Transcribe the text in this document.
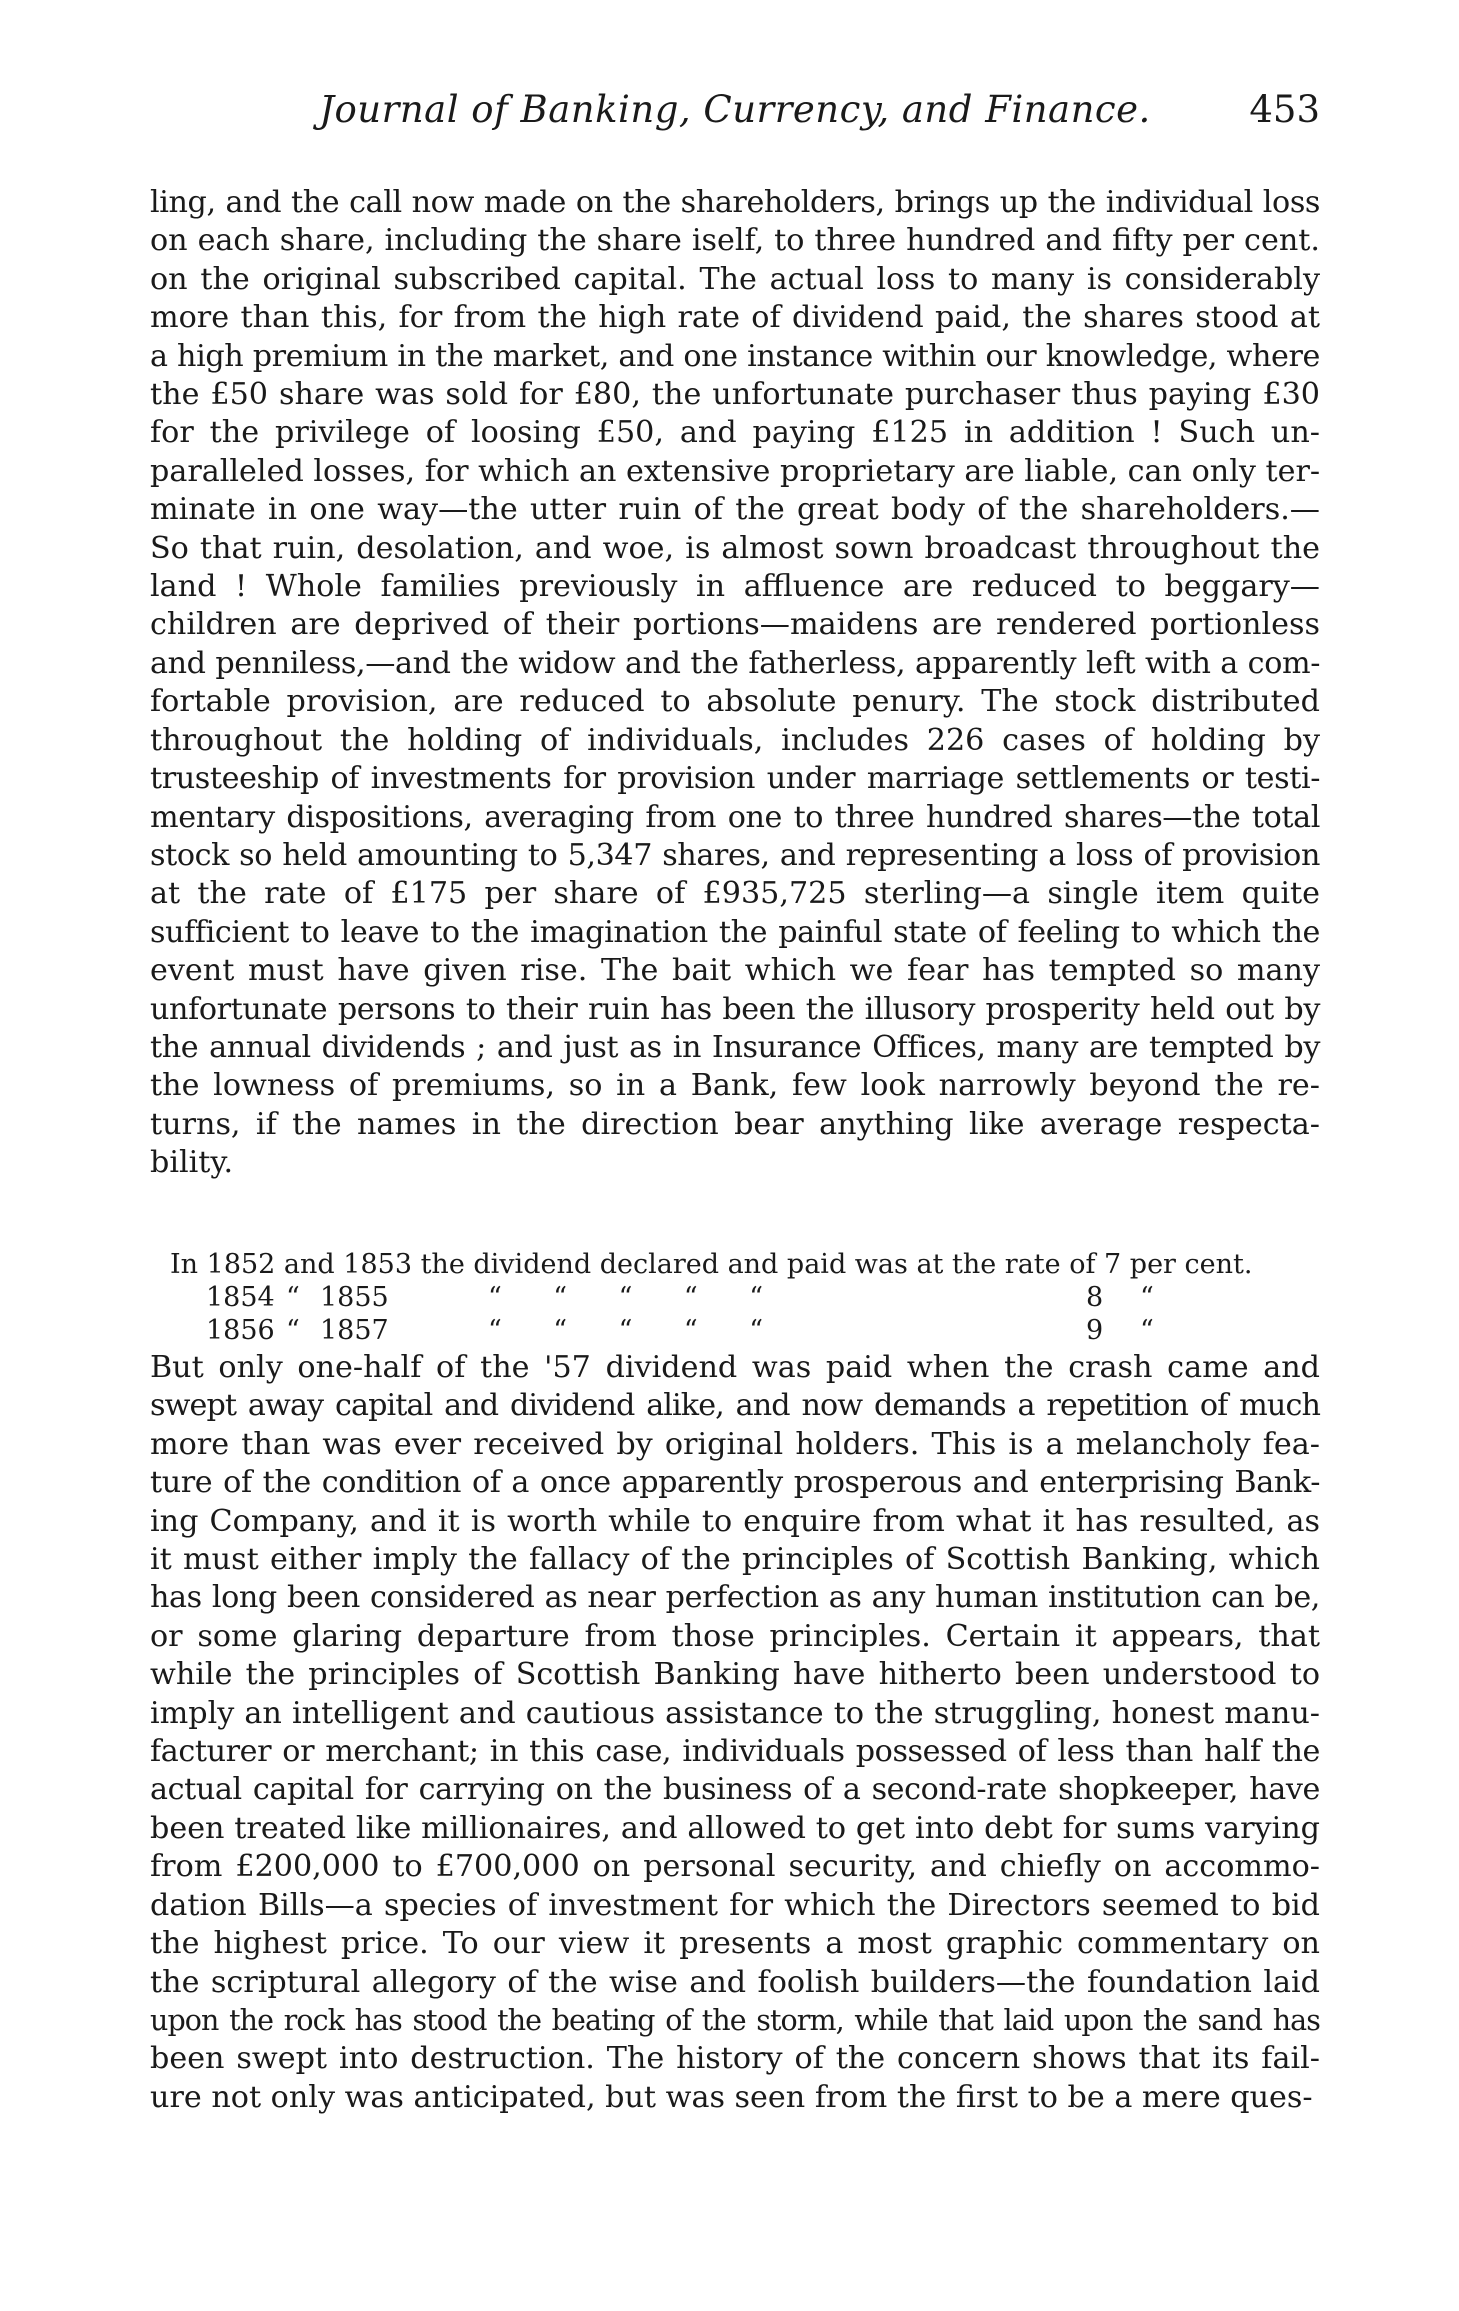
Journal of Banking, Currency, and Finance.	453
ling, and the call now made on the shareholders, brings up the individual loss
on each share, including the share iself, to three hundred and fifty per cent.
on the original subscribed capital. The actual loss to many is considerably
more than this, for from the high rate of dividend paid, the shares stood at
a high premium in the market, and one instance within our knowledge, where
the £50 share was sold for £80, the unfortunate purchaser thus paying £30
for the privilege of loosing £50, and paying £125 in addition ! Such un-
paralleled losses, for which an extensive proprietary are liable, can only ter-
minate in one way—the utter ruin of the great body of the shareholders.—
So that ruin, desolation, and woe, is almost sown broadcast throughout the
land ! Whole families previously in affluence are reduced to beggary—
children are deprived of their portions—maidens are rendered portionless
and penniless,—and the widow and the fatherless, apparently left with a com-
fortable provision, are reduced to absolute penury. The stock distributed
throughout the holding of individuals, includes 226 cases of holding by
trusteeship of investments for provision under marriage settlements or testi-
mentary dispositions, averaging from one to three hundred shares—the total
stock so held amounting to 5,347 shares, and representing a loss of provision
at the rate of £175 per share of £935,725 sterling—a single item quite
sufficient to leave to the imagination the painful state of feeling to which the
event must have given rise. The bait which we fear has tempted so many
unfortunate persons to their ruin has been the illusory prosperity held out by
the annual dividends ; and just as in Insurance Offices, many are tempted by
the lowness of premiums, so in a Bank, few look narrowly beyond the re-
turns, if the names in the direction bear anything like average respecta-
bility.
In 1852 and 1853 the dividend declared and paid was at the rate of 7 per cent.
1854 “ 1855	“      “      “      “      “	8 “
1856 “ 1857	“      “      “      “      “	9 “
But only one-half of the '57 dividend was paid when the crash came and
swept away capital and dividend alike, and now demands a repetition of much
more than was ever received by original holders. This is a melancholy fea-
ture of the condition of a once apparently prosperous and enterprising Bank-
ing Company, and it is worth while to enquire from what it has resulted, as
it must either imply the fallacy of the principles of Scottish Banking, which
has long been considered as near perfection as any human institution can be,
or some glaring departure from those principles. Certain it appears, that
while the principles of Scottish Banking have hitherto been understood to
imply an intelligent and cautious assistance to the struggling, honest manu-
facturer or merchant; in this case, individuals possessed of less than half the
actual capital for carrying on the business of a second-rate shopkeeper, have
been treated like millionaires, and allowed to get into debt for sums varying
from £200,000 to £700,000 on personal security, and chiefly on accommo-
dation Bills—a species of investment for which the Directors seemed to bid
the highest price. To our view it presents a most graphic commentary on
the scriptural allegory of the wise and foolish builders—the foundation laid
upon the rock has stood the beating of the storm, while that laid upon the sand has
been swept into destruction. The history of the concern shows that its fail-
ure not only was anticipated, but was seen from the first to be a mere ques-
